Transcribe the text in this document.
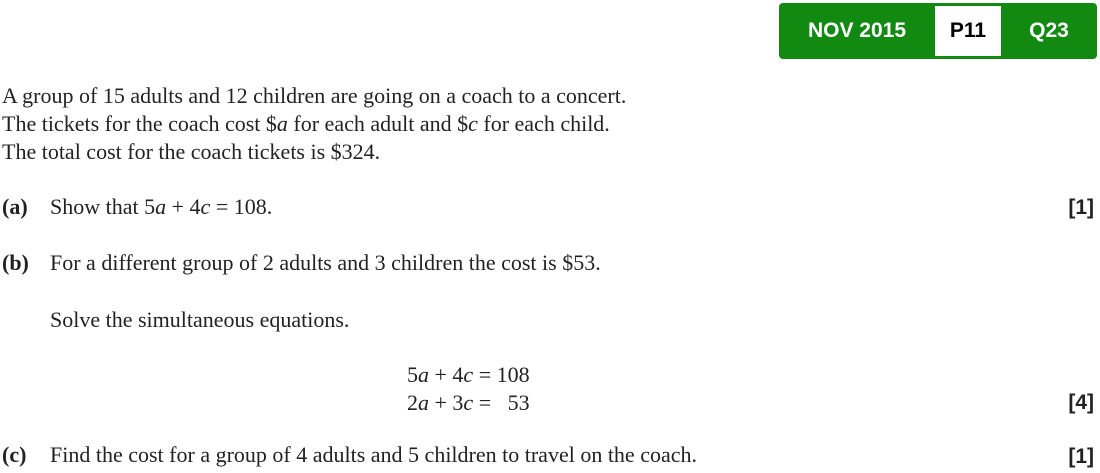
NOV 2015	P11	Q23
A group of 15 adults and 12 children are going on a coach to a concert.
The tickets for the coach cost $a for each adult and $c for each child.
The total cost for the coach tickets is $324.
(a) Show that 5a + 4c = 108.	[1]
(b) For a different group of 2 adults and 3 children the cost is $53.
Solve the simultaneous equations.
5a + 4c = 108
2a + 3c =   53	[4]
(c) Find the cost for a group of 4 adults and 5 children to travel on the coach.	[1]
